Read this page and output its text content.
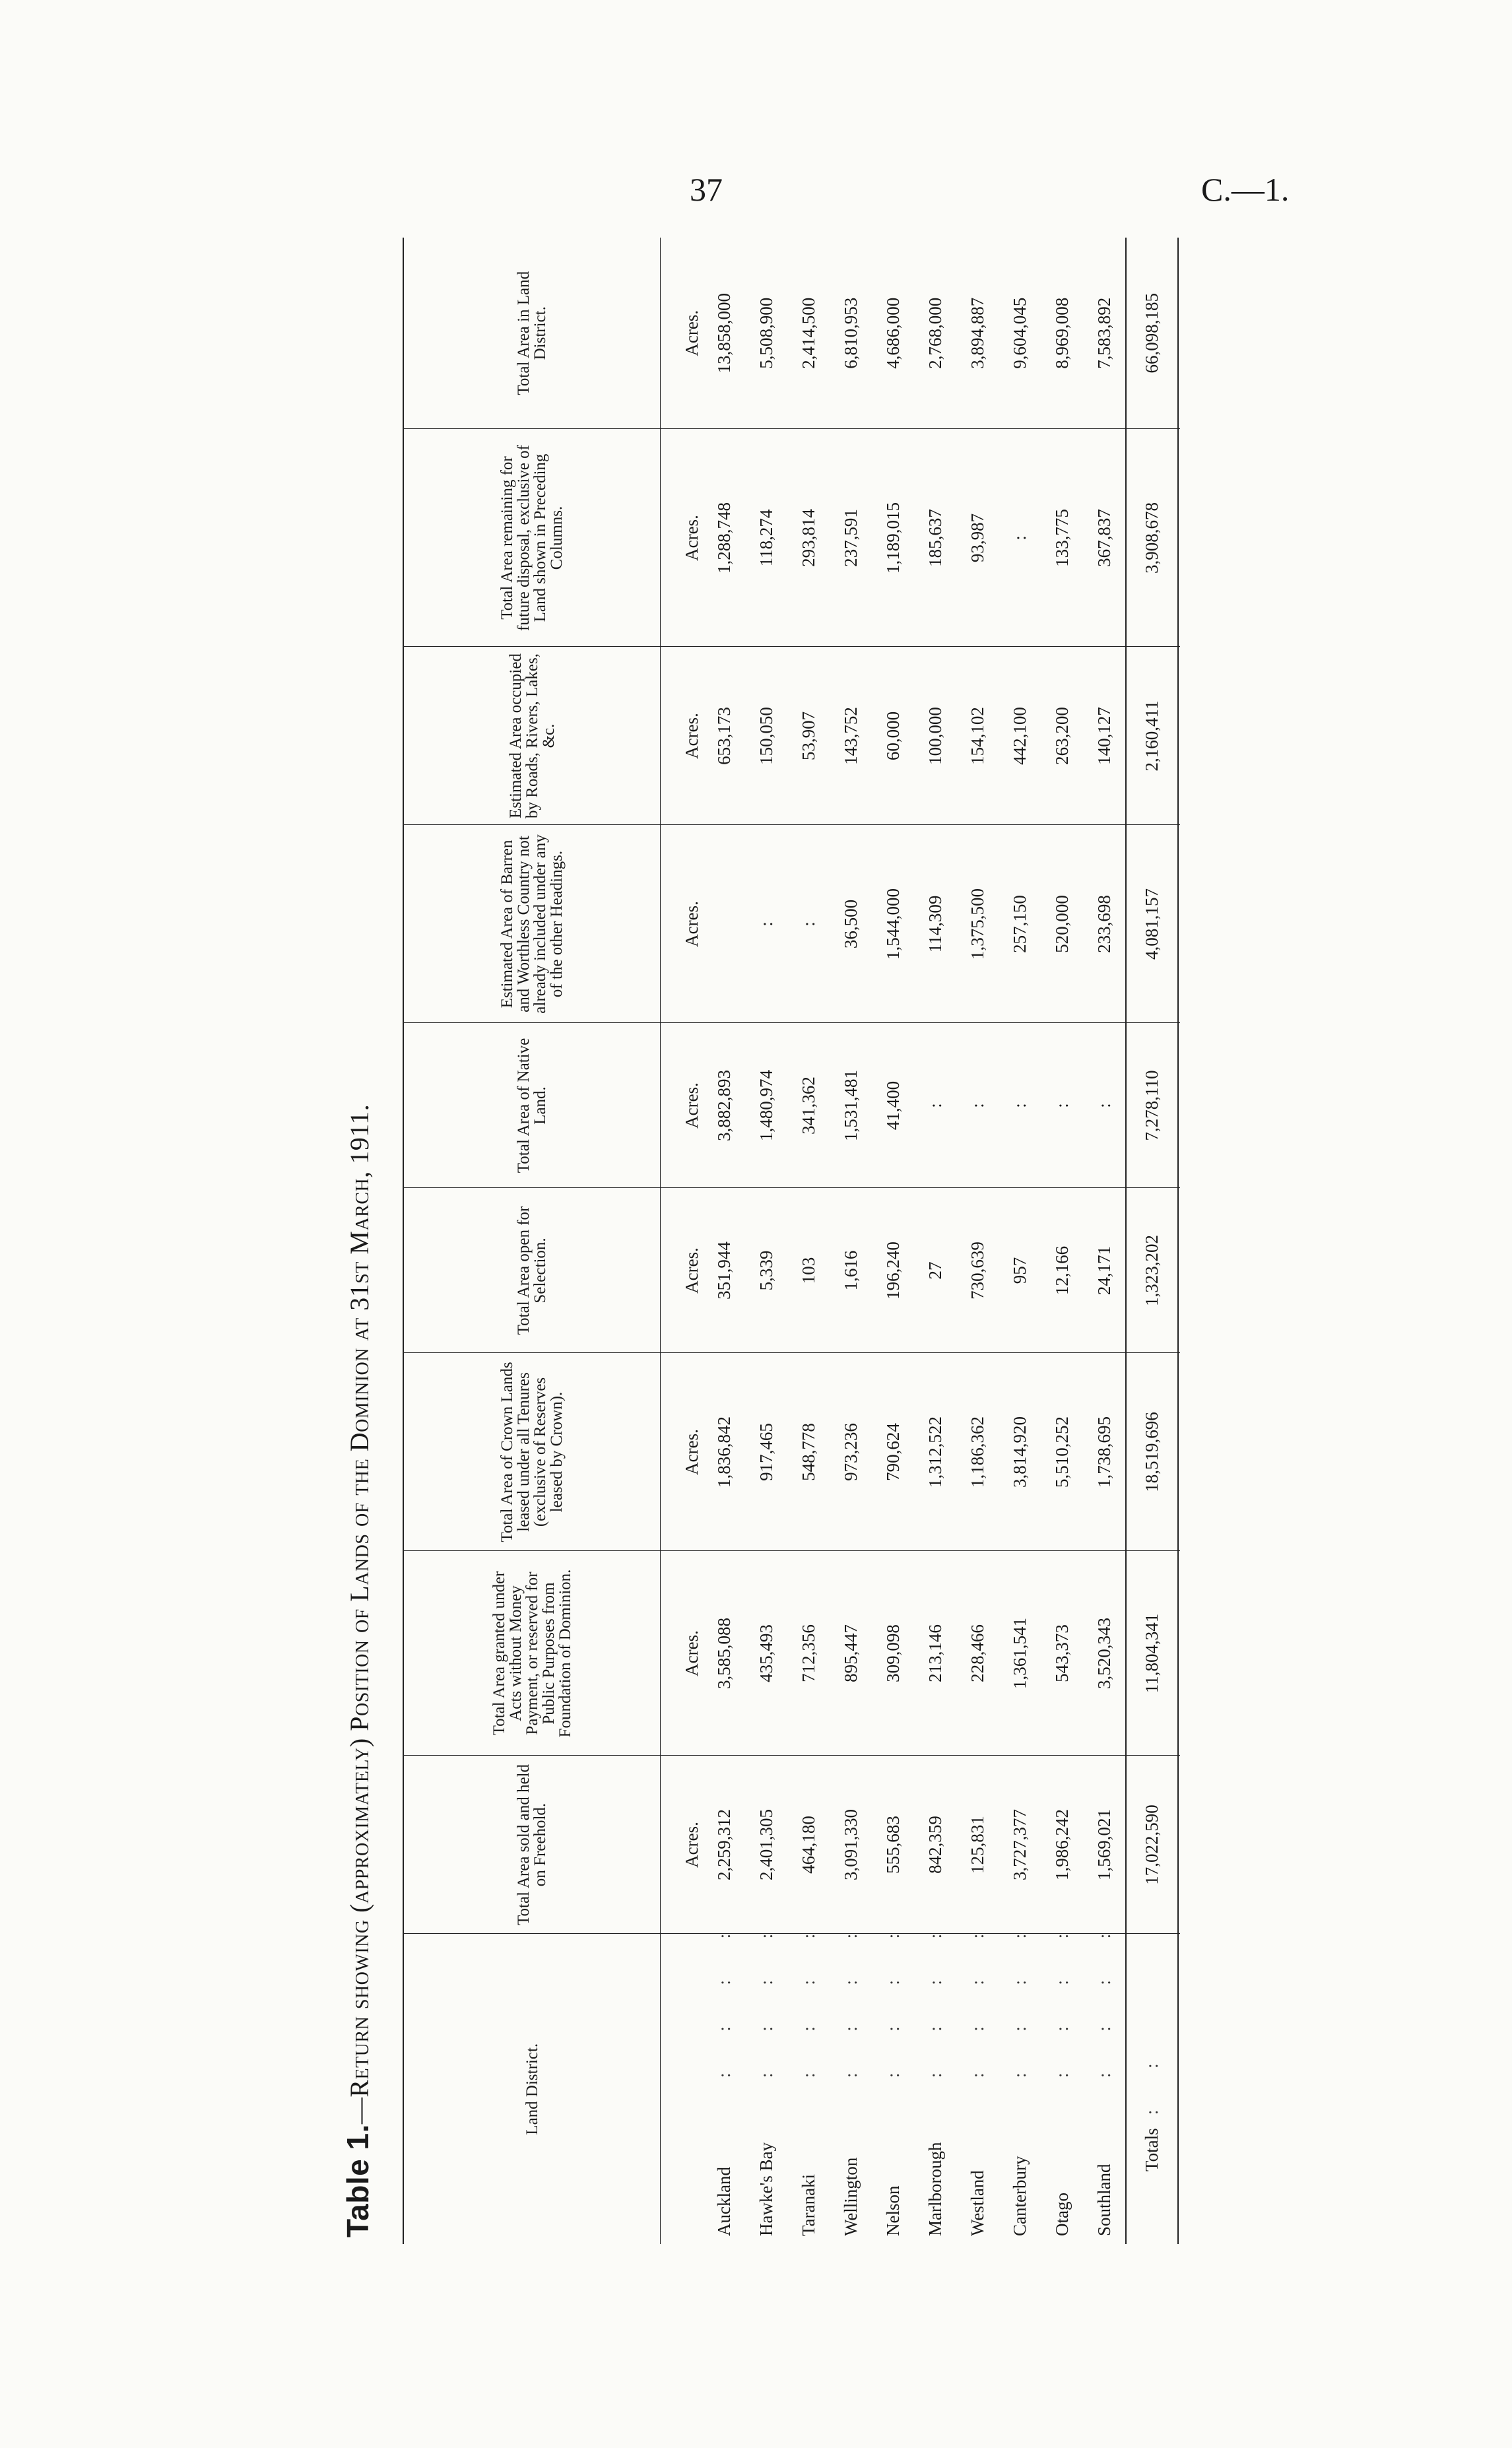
37	C.—1.
Table 1.—Return showing (approximately) Position of Lands of the Dominion at 31st March, 1911.	Land District.	Total Area sold and held on Freehold.	Total Area granted under Acts without Money Payment, or reserved for Public Purposes from Foundation of Dominion.	Total Area of Crown Lands leased under all Tenures (exclusive of Reserves leased by Crown).	Total Area open for Selection.	Total Area of Native Land.	Estimated Area of Barren and Worthless Country not already included under any of the other Headings.	Estimated Area occupied by Roads, Rivers, Lakes, &c.	Total Area remaining for future disposal, exclusive of Land shown in Preceding Columns.	Total Area in Land District.
	Acres.	Acres.	Acres.	Acres.	Acres.	Acres.	Acres.	Acres.	Acres.
Auckland: : : :	2,259,312	3,585,088	1,836,842	351,944	3,882,893		653,173	1,288,748	13,858,000
Hawke's Bay: : : :	2,401,305	435,493	917,465	5,339	1,480,974	:	150,050	118,274	5,508,900
Taranaki: : : :	464,180	712,356	548,778	103	341,362	:	53,907	293,814	2,414,500
Wellington: : : :	3,091,330	895,447	973,236	1,616	1,531,481	36,500	143,752	237,591	6,810,953
Nelson: : : :	555,683	309,098	790,624	196,240	41,400	1,544,000	60,000	1,189,015	4,686,000
Marlborough: : : :	842,359	213,146	1,312,522	27	:	114,309	100,000	185,637	2,768,000
Westland: : : :	125,831	228,466	1,186,362	730,639	:	1,375,500	154,102	93,987	3,894,887
Canterbury: : : :	3,727,377	1,361,541	3,814,920	957	:	257,150	442,100	:	9,604,045
Otago: : : :	1,986,242	543,373	5,510,252	12,166	:	520,000	263,200	133,775	8,969,008
Southland: : : :	1,569,021	3,520,343	1,738,695	24,171	:	233,698	140,127	367,837	7,583,892
Totals   : :	17,022,590	11,804,341	18,519,696	1,323,202	7,278,110	4,081,157	2,160,411	3,908,678	66,098,185
